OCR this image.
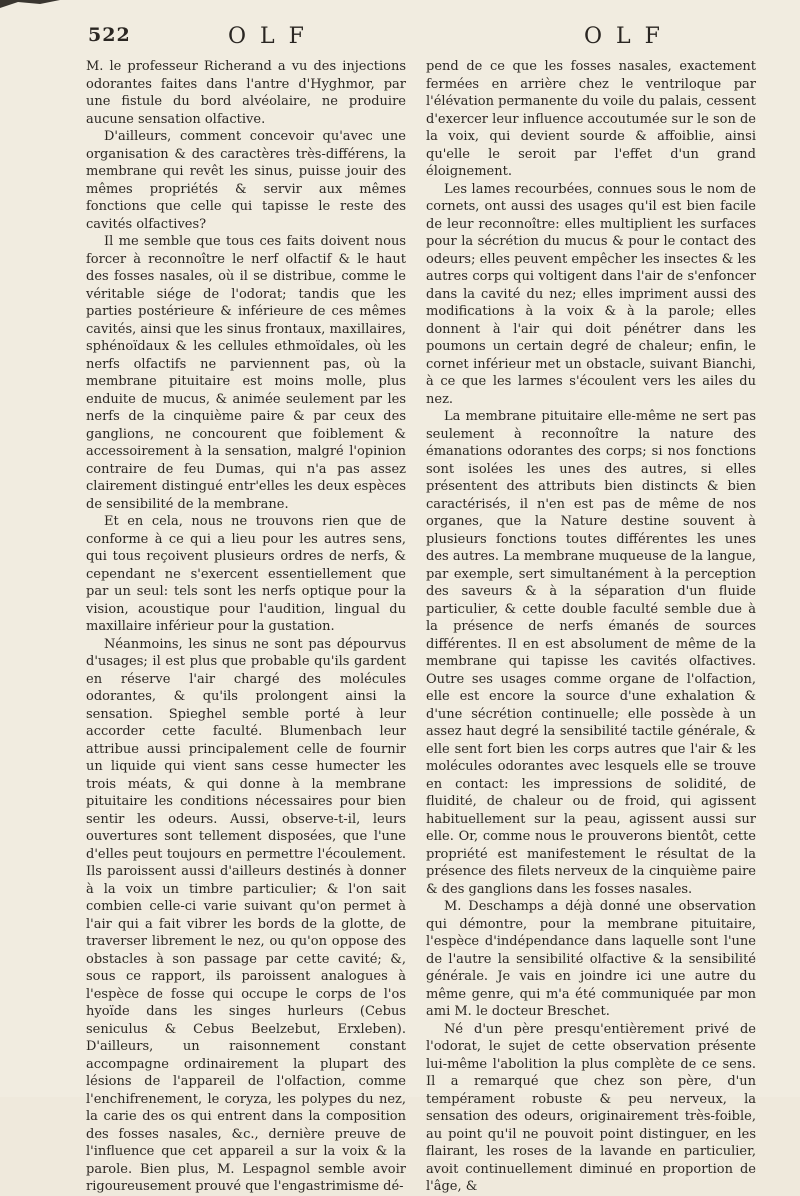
522	OLF	OLF

M. le professeur Richerand a vu des injections odorantes faites dans l'antre d'Hyghmor, par une fistule du bord alvéolaire, ne produire aucune sensation olfactive.

D'ailleurs, comment concevoir qu'avec une organisation & des caractères très-différens, la membrane qui revêt les sinus, puisse jouir des mêmes propriétés & servir aux mêmes fonctions que celle qui tapisse le reste des cavités olfactives?

Il me semble que tous ces faits doivent nous forcer à reconnoître le nerf olfactif & le haut des fosses nasales, où il se distribue, comme le véritable siége de l'odorat; tandis que les parties postérieure & inférieure de ces mêmes cavités, ainsi que les sinus frontaux, maxillaires, sphénoïdaux & les cellules ethmoïdales, où les nerfs olfactifs ne parviennent pas, où la membrane pituitaire est moins molle, plus enduite de mucus, & animée seulement par les nerfs de la cinquième paire & par ceux des ganglions, ne concourent que foiblement & accessoirement à la sensation, malgré l'opinion contraire de feu Dumas, qui n'a pas assez clairement distingué entr'elles les deux espèces de sensibilité de la membrane.

Et en cela, nous ne trouvons rien que de conforme à ce qui a lieu pour les autres sens, qui tous reçoivent plusieurs ordres de nerfs, & cependant ne s'exercent essentiellement que par un seul: tels sont les nerfs optique pour la vision, acoustique pour l'audition, lingual du maxillaire inférieur pour la gustation.

Néanmoins, les sinus ne sont pas dépourvus d'usages; il est plus que probable qu'ils gardent en réserve l'air chargé des molécules odorantes, & qu'ils prolongent ainsi la sensation. Spieghel semble porté à leur accorder cette faculté. Blumenbach leur attribue aussi principalement celle de fournir un liquide qui vient sans cesse humecter les trois méats, & qui donne à la membrane pituitaire les conditions nécessaires pour bien sentir les odeurs. Aussi, observe-t-il, leurs ouvertures sont tellement disposées, que l'une d'elles peut toujours en permettre l'écoulement. Ils paroissent aussi d'ailleurs destinés à donner à la voix un timbre particulier; & l'on sait combien celle-ci varie suivant qu'on permet à l'air qui a fait vibrer les bords de la glotte, de traverser librement le nez, ou qu'on oppose des obstacles à son passage par cette cavité; &, sous ce rapport, ils paroissent analogues à l'espèce de fosse qui occupe le corps de l'os hyoïde dans les singes hurleurs (Cebus seniculus & Cebus Beelzebut, Erxleben). D'ailleurs, un raisonnement constant accompagne ordinairement la plupart des lésions de l'appareil de l'olfaction, comme l'enchifrenement, le coryza, les polypes du nez, la carie des os qui entrent dans la composition des fosses nasales, &c., dernière preuve de l'influence que cet appareil a sur la voix & la parole. Bien plus, M. Lespagnol semble avoir rigoureusement prouvé que l'engastrimisme dé-

pend de ce que les fosses nasales, exactement fermées en arrière chez le ventriloque par l'élévation permanente du voile du palais, cessent d'exercer leur influence accoutumée sur le son de la voix, qui devient sourde & affoiblie, ainsi qu'elle le seroit par l'effet d'un grand éloignement.

Les lames recourbées, connues sous le nom de cornets, ont aussi des usages qu'il est bien facile de leur reconnoître: elles multiplient les surfaces pour la sécrétion du mucus & pour le contact des odeurs; elles peuvent empêcher les insectes & les autres corps qui voltigent dans l'air de s'enfoncer dans la cavité du nez; elles impriment aussi des modifications à la voix & à la parole; elles donnent à l'air qui doit pénétrer dans les poumons un certain degré de chaleur; enfin, le cornet inférieur met un obstacle, suivant Bianchi, à ce que les larmes s'écoulent vers les ailes du nez.

La membrane pituitaire elle-même ne sert pas seulement à reconnoître la nature des émanations odorantes des corps; si nos fonctions sont isolées les unes des autres, si elles présentent des attributs bien distincts & bien caractérisés, il n'en est pas de même de nos organes, que la Nature destine souvent à plusieurs fonctions toutes différentes les unes des autres. La membrane muqueuse de la langue, par exemple, sert simultanément à la perception des saveurs & à la séparation d'un fluide particulier, & cette double faculté semble due à la présence de nerfs émanés de sources différentes. Il en est absolument de même de la membrane qui tapisse les cavités olfactives. Outre ses usages comme organe de l'olfaction, elle est encore la source d'une exhalation & d'une sécrétion continuelle; elle possède à un assez haut degré la sensibilité tactile générale, & elle sent fort bien les corps autres que l'air & les molécules odorantes avec lesquels elle se trouve en contact: les impressions de solidité, de fluidité, de chaleur ou de froid, qui agissent habituellement sur la peau, agissent aussi sur elle. Or, comme nous le prouverons bientôt, cette propriété est manifestement le résultat de la présence des filets nerveux de la cinquième paire & des ganglions dans les fosses nasales.

M. Deschamps a déjà donné une observation qui démontre, pour la membrane pituitaire, l'espèce d'indépendance dans laquelle sont l'une de l'autre la sensibilité olfactive & la sensibilité générale. Je vais en joindre ici une autre du même genre, qui m'a été communiquée par mon ami M. le docteur Breschet.

Né d'un père presqu'entièrement privé de l'odorat, le sujet de cette observation présente lui-même l'abolition la plus complète de ce sens. Il a remarqué que chez son père, d'un tempérament robuste & peu nerveux, la sensation des odeurs, originairement très-foible, au point qu'il ne pouvoit point distinguer, en les flairant, les roses de la lavande en particulier, avoit continuellement diminué en proportion de l'âge, &
